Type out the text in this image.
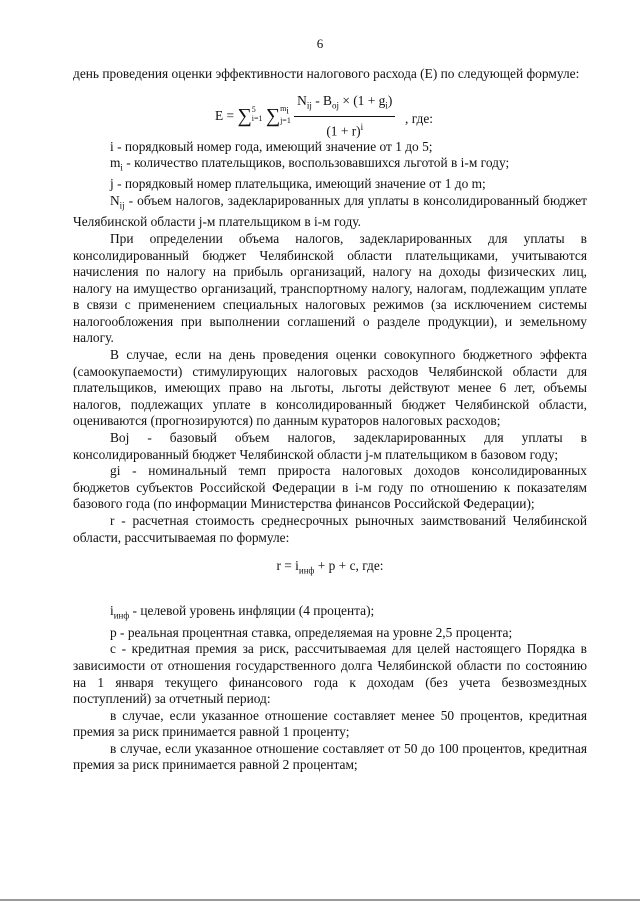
6

день проведения оценки эффективности налогового расхода (E) по следующей формуле:

E = ∑5
i=1 $\sum m_i$
$j=1 \frac{N_{ij} - B_{oj} \times (1 + g_i)}{(1 + r)^i}$ , где:

i - порядковый номер года, имеющий значение от 1 до 5;

$m_i$ - количество плательщиков, воспользовавшихся льготой в i-м году;

j - порядковый номер плательщика, имеющий значение от 1 до m;

$N_{ij}$ - объем налогов, задекларированных для уплаты в консолидированный бюджет Челябинской области j-м плательщиком в i-м году.

При определении объема налогов, задекларированных для уплаты в консолидированный бюджет Челябинской области плательщиками, учитываются начисления по налогу на прибыль организаций, налогу на доходы физических лиц, налогу на имущество организаций, транспортному налогу, налогам, подлежащим уплате в связи с применением специальных налоговых режимов (за исключением системы налогообложения при выполнении соглашений о разделе продукции), и земельному налогу.

В случае, если на день проведения оценки совокупного бюджетного эффекта (самоокупаемости) стимулирующих налоговых расходов Челябинской области для плательщиков, имеющих право на льготы, льготы действуют менее 6 лет, объемы налогов, подлежащих уплате в консолидированный бюджет Челябинской области, оцениваются (прогнозируются) по данным кураторов налоговых расходов;

Boj - базовый объем налогов, задекларированных для уплаты в консолидированный бюджет Челябинской области j-м плательщиком в базовом году;

gi - номинальный темп прироста налоговых доходов консолидированных бюджетов субъектов Российской Федерации в i-м году по отношению к показателям базового года (по информации Министерства финансов Российской Федерации);

r - расчетная стоимость среднесрочных рыночных заимствований Челябинской области, рассчитываемая по формуле:

$r = i_{инф} + p + c$, где:

$i_{инф}$ - целевой уровень инфляции (4 процента);

p - реальная процентная ставка, определяемая на уровне 2,5 процента;

c - кредитная премия за риск, рассчитываемая для целей настоящего Порядка в зависимости от отношения государственного долга Челябинской области по состоянию на 1 января текущего финансового года к доходам (без учета безвозмездных поступлений) за отчетный период:

в случае, если указанное отношение составляет менее 50 процентов, кредитная премия за риск принимается равной 1 проценту;

в случае, если указанное отношение составляет от 50 до 100 процентов, кредитная премия за риск принимается равной 2 процентам;
